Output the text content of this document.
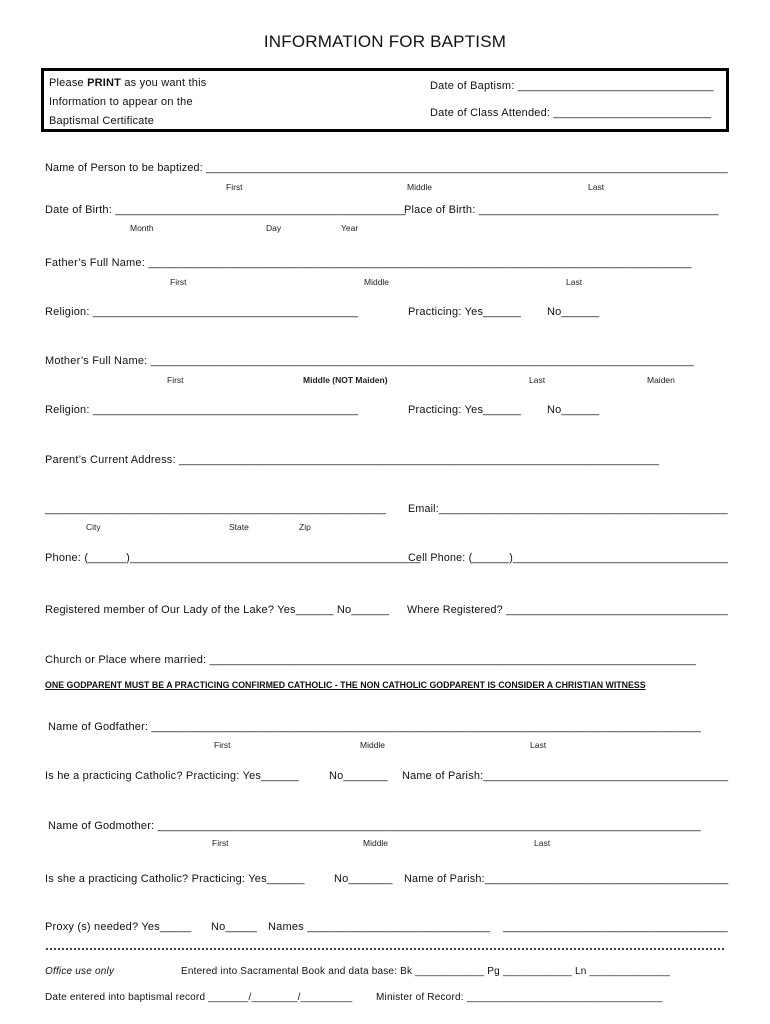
INFORMATION FOR BAPTISM
Please PRINT as you want this
Information to appear on the
Baptismal Certificate
Date of Baptism: _______________________________
Date of Class Attended: _________________________
Name of Person to be baptized: ____________________________________________________________________________________
First	Middle	Last
Date of Birth: ______________________________________________
Place of Birth: ______________________________________
Month	Day	Year
Father’s Full Name: ______________________________________________________________________________________
First	Middle	Last
Religion: __________________________________________	Practicing: Yes______ No______
Mother’s Full Name: ______________________________________________________________________________________
First	Middle (NOT Maiden)	Last	Maiden
Religion: __________________________________________	Practicing: Yes______ No______
Parent’s Current Address: ____________________________________________________________________________
______________________________________________________ Email:_______________________________________________
City	State	Zip
Phone: (______)______________________________________________
Cell Phone: (______)___________________________________
Registered member of Our Lady of the Lake? Yes______ No______ Where Registered? ____________________________________
Church or Place where married: _____________________________________________________________________________
ONE GODPARENT MUST BE A PRACTICING CONFIRMED CATHOLIC - THE NON CATHOLIC GODPARENT IS CONSIDER A CHRISTIAN WITNESS
Name of Godfather: _______________________________________________________________________________________
First	Middle	Last
Is he a practicing Catholic? Practicing: Yes______	No_______ Name of Parish:_______________________________________
Name of Godmother: ______________________________________________________________________________________
First	Middle	Last
Is she a practicing Catholic? Practicing: Yes______	No_______ Name of Parish:_______________________________________
Proxy (s) needed? Yes_____ No_____ Names _____________________________ _____________________________________
Office use only	Entered into Sacramental Book and data base: Bk ____________ Pg ____________ Ln ______________
Date entered into baptismal record _______/________/_________ Minister of Record: __________________________________
